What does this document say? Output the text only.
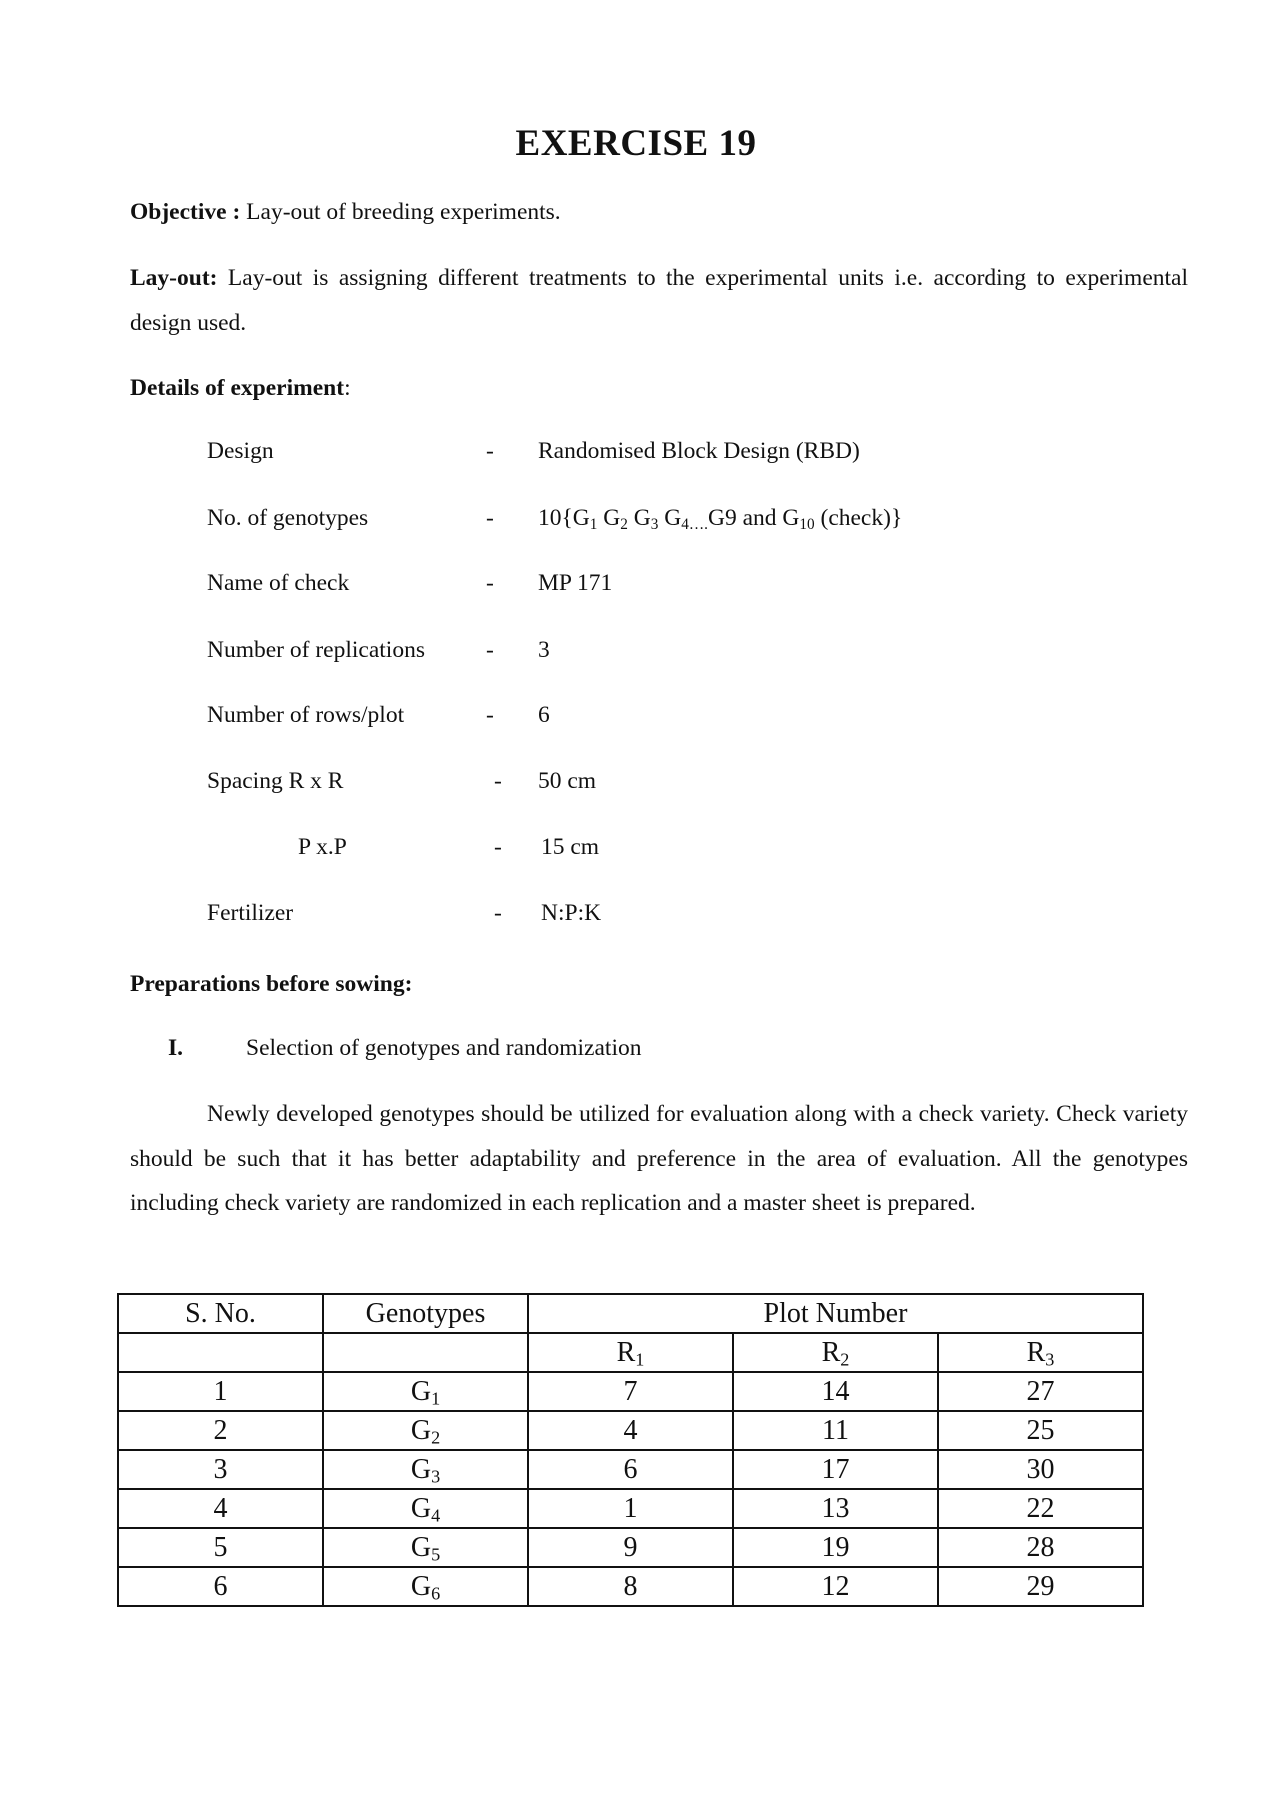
EXERCISE 19
Objective : Lay-out of breeding experiments.
Lay-out: Lay-out is assigning different treatments to the experimental units i.e. according to experimental design used.
Details of experiment:
Design	- Randomised Block Design (RBD)
No. of genotypes	- $10\{G_1$ $G_2$ $G_3$ $G_{4\dots.}G9$ and $G_{10}$ (check)}
Name of check	- MP 171
Number of replications	- 3
Number of rows/plot	- 6
Spacing R x R	- 50 cm
P x.P	- 15 cm
Fertilizer	- N:P:K
Preparations before sowing:
I.	Selection of genotypes and randomization
Newly developed genotypes should be utilized for evaluation along with a check variety. Check variety should be such that it has better adaptability and preference in the area of evaluation. All the genotypes including check variety are randomized in each replication and a master sheet is prepared.
S. No.	Genotypes	Plot Number		
		$R_1$	$R_2$	$R_3$
1	$G_1$	7	14	27
2	$G_2$	4	11	25
3	$G_3$	6	17	30
4	$G_4$	1	13	22
5	$G_5$	9	19	28
6	$G_6$	8	12	29
